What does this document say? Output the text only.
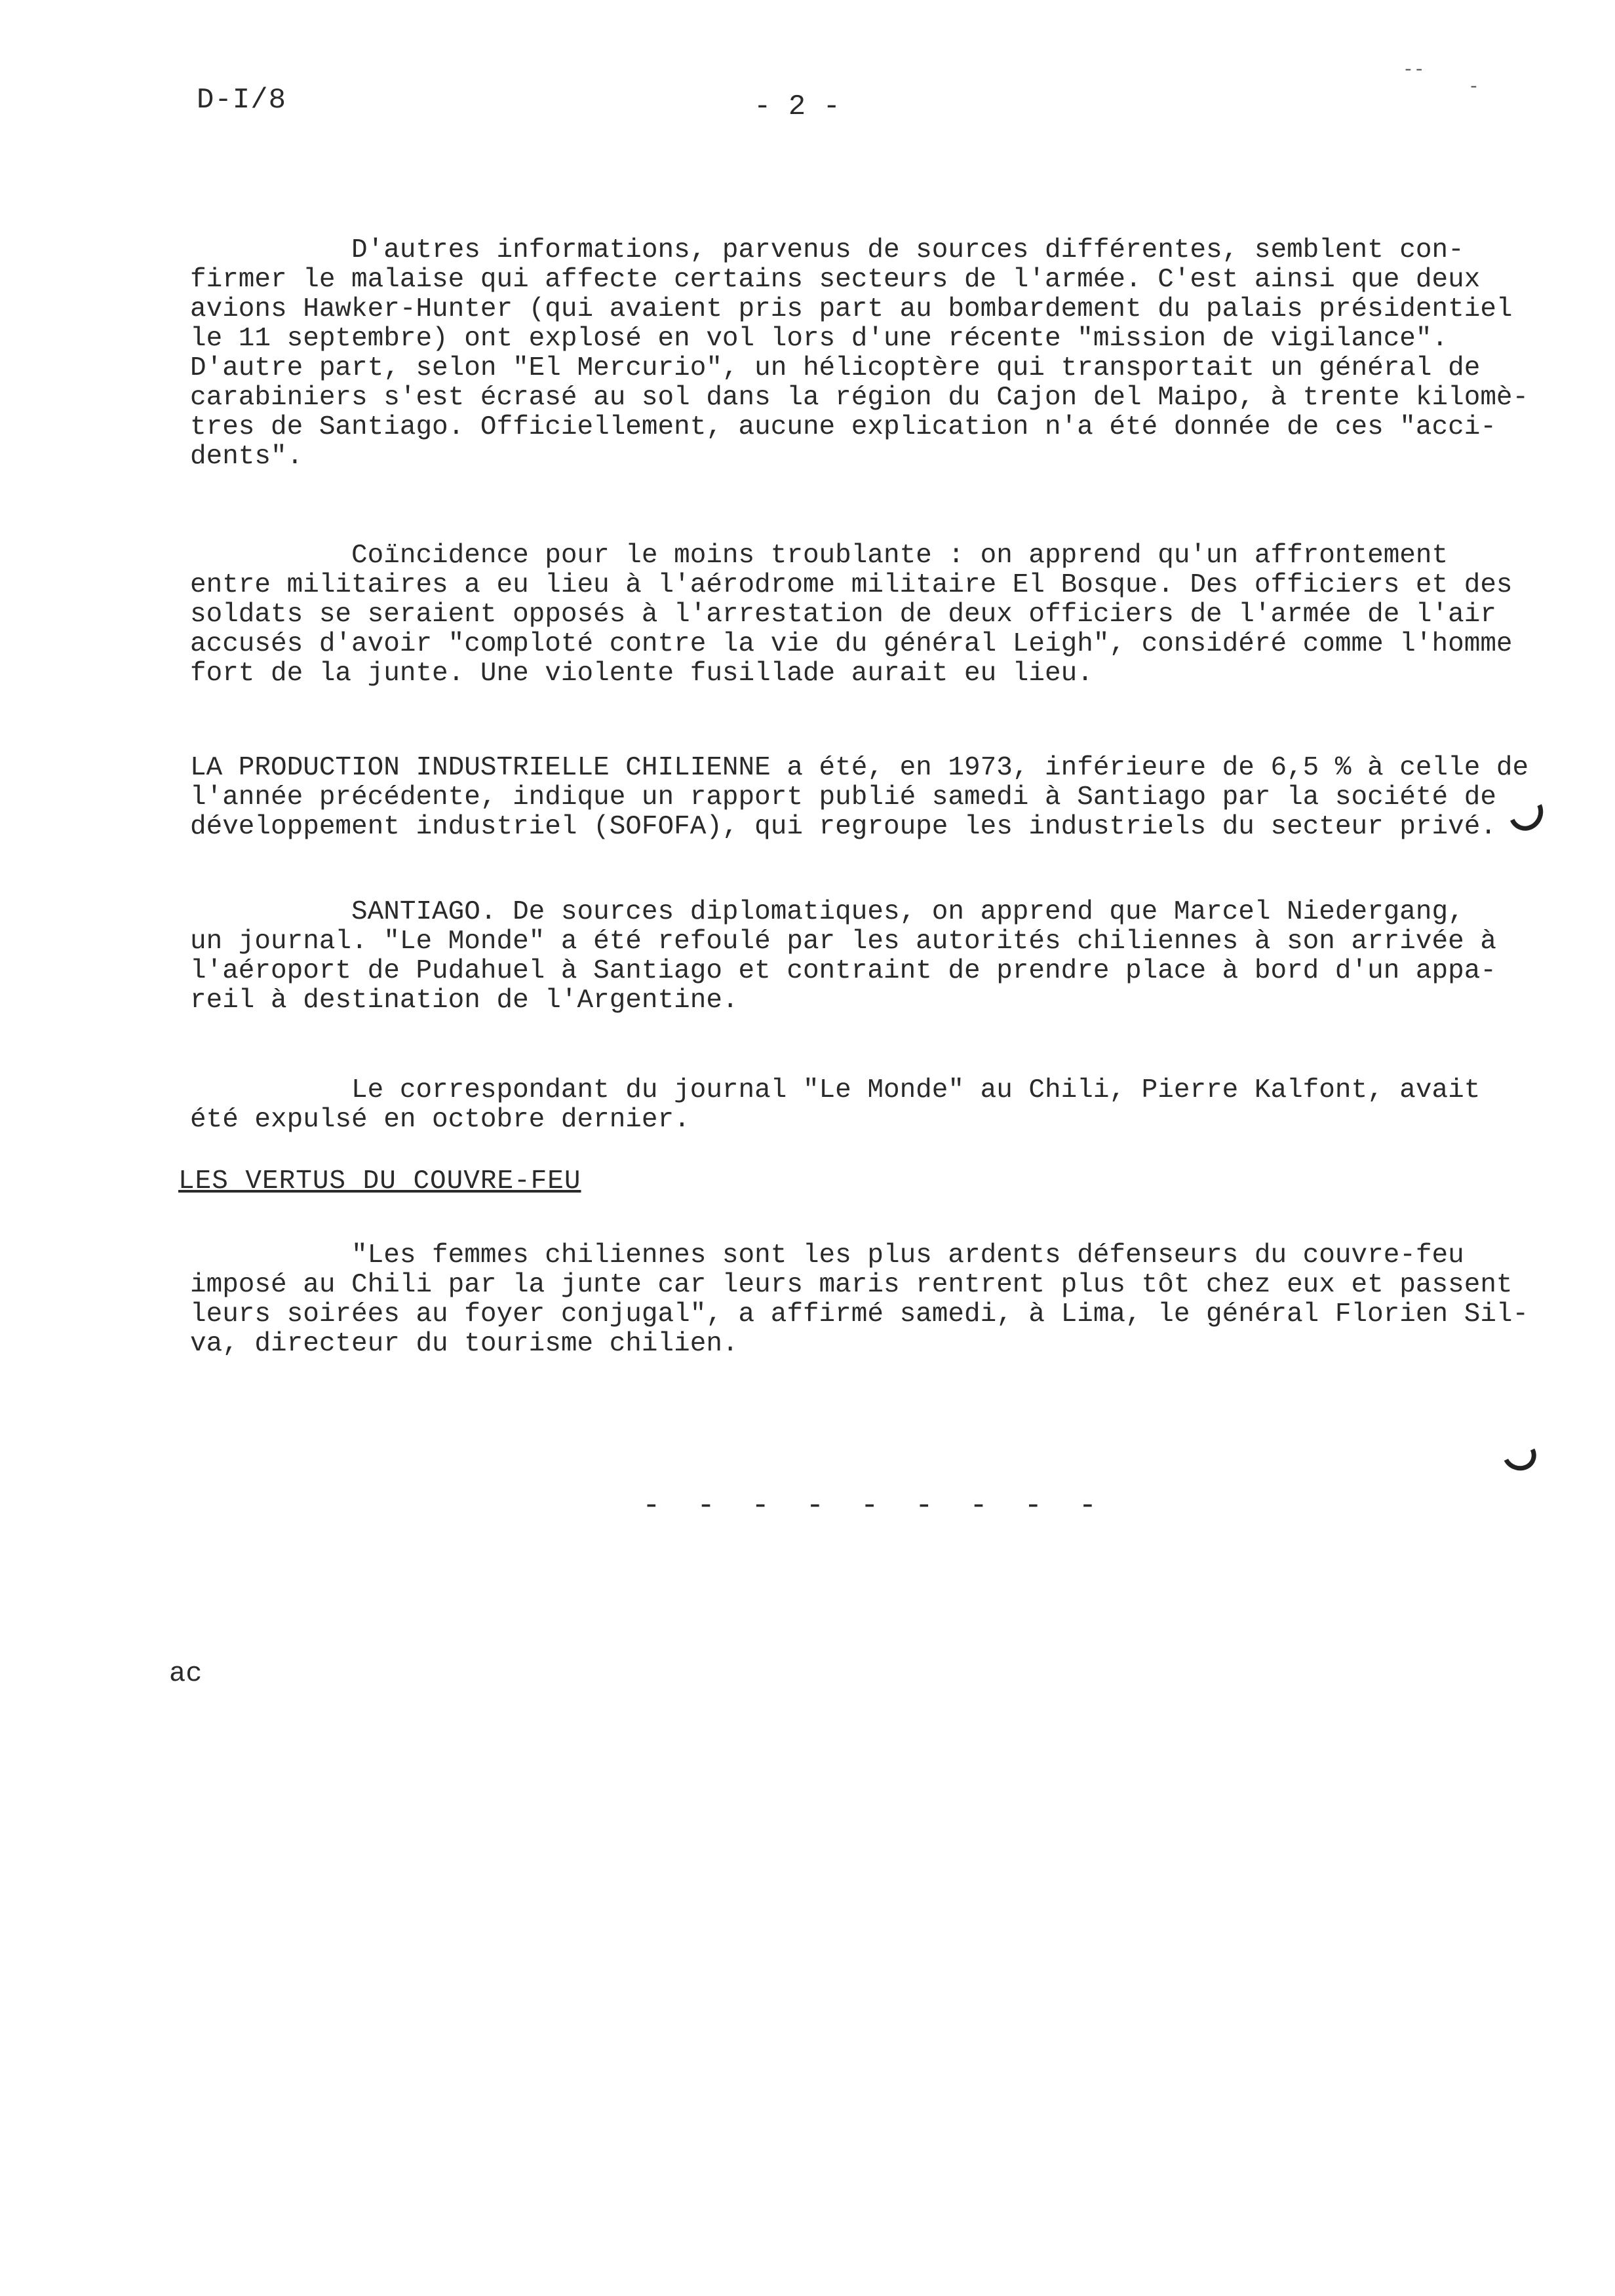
D-I/8	- 2 -

D'autres informations, parvenus de sources différentes, semblent con-
firmer le malaise qui affecte certains secteurs de l'armée. C'est ainsi que deux
avions Hawker-Hunter (qui avaient pris part au bombardement du palais présidentiel
le 11 septembre) ont explosé en vol lors d'une récente "mission de vigilance".
D'autre part, selon "El Mercurio", un hélicoptère qui transportait un général de
carabiniers s'est écrasé au sol dans la région du Cajon del Maipo, à trente kilomè-
tres de Santiago. Officiellement, aucune explication n'a été donnée de ces "acci-
dents".

Coïncidence pour le moins troublante : on apprend qu'un affrontement
entre militaires a eu lieu à l'aérodrome militaire El Bosque. Des officiers et des
soldats se seraient opposés à l'arrestation de deux officiers de l'armée de l'air
accusés d'avoir "comploté contre la vie du général Leigh", considéré comme l'homme
fort de la junte. Une violente fusillade aurait eu lieu.

LA PRODUCTION INDUSTRIELLE CHILIENNE a été, en 1973, inférieure de 6,5 % à celle de
l'année précédente, indique un rapport publié samedi à Santiago par la société de
développement industriel (SOFOFA), qui regroupe les industriels du secteur privé.

SANTIAGO. De sources diplomatiques, on apprend que Marcel Niedergang,
un journal. "Le Monde" a été refoulé par les autorités chiliennes à son arrivée à
l'aéroport de Pudahuel à Santiago et contraint de prendre place à bord d'un appa-
reil à destination de l'Argentine.

Le correspondant du journal "Le Monde" au Chili, Pierre Kalfont, avait
été expulsé en octobre dernier.

LES VERTUS DU COUVRE-FEU

"Les femmes chiliennes sont les plus ardents défenseurs du couvre-feu
imposé au Chili par la junte car leurs maris rentrent plus tôt chez eux et passent
leurs soirées au foyer conjugal", a affirmé samedi, à Lima, le général Florien Sil-
va, directeur du tourisme chilien.

- - - - - - - - -
ac
--
-
